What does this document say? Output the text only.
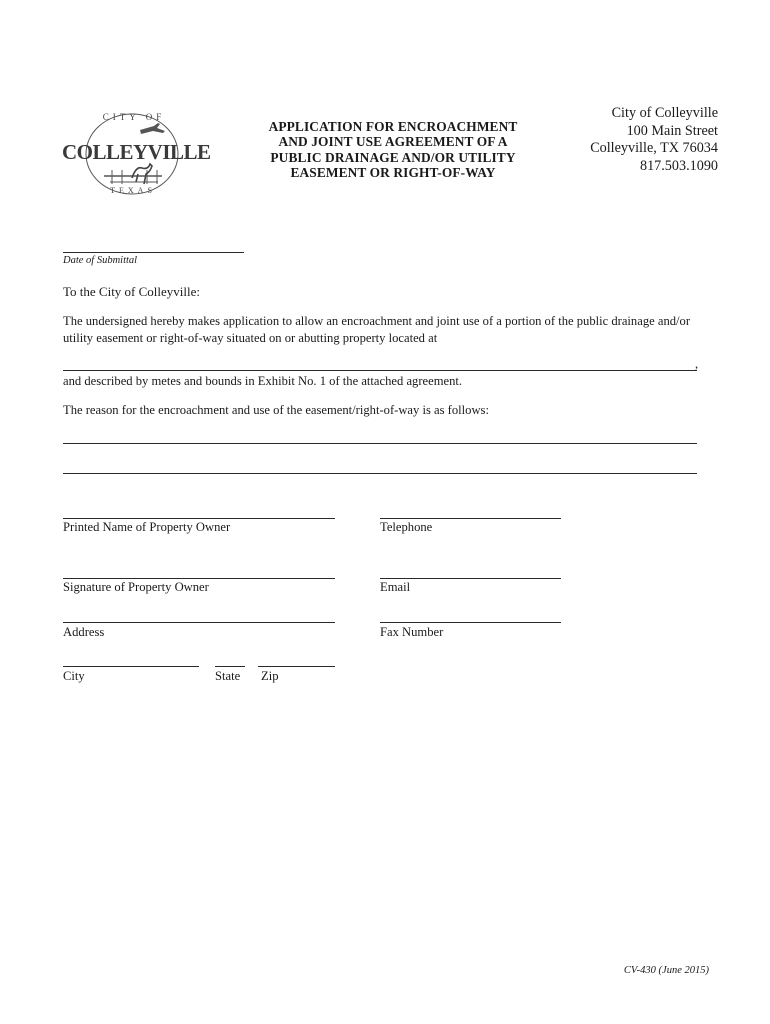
CITY OF
COLLEYVILLE
TEXAS
APPLICATION FOR ENCROACHMENT
AND JOINT USE AGREEMENT OF A
PUBLIC DRAINAGE AND/OR UTILITY
EASEMENT OR RIGHT-OF-WAY
City of Colleyville
100 Main Street
Colleyville, TX 76034
817.503.1090
Date of Submittal
To the City of Colleyville:
The undersigned hereby makes application to allow an encroachment and joint use of a portion of the public drainage and/or utility easement or right-of-way situated on or abutting property located at
,
and described by metes and bounds in Exhibit No. 1 of the attached agreement.
The reason for the encroachment and use of the easement/right-of-way is as follows:
Printed Name of Property Owner	Telephone
Signature of Property Owner	Email
Address	Fax Number
City	State Zip
CV-430 (June 2015)
